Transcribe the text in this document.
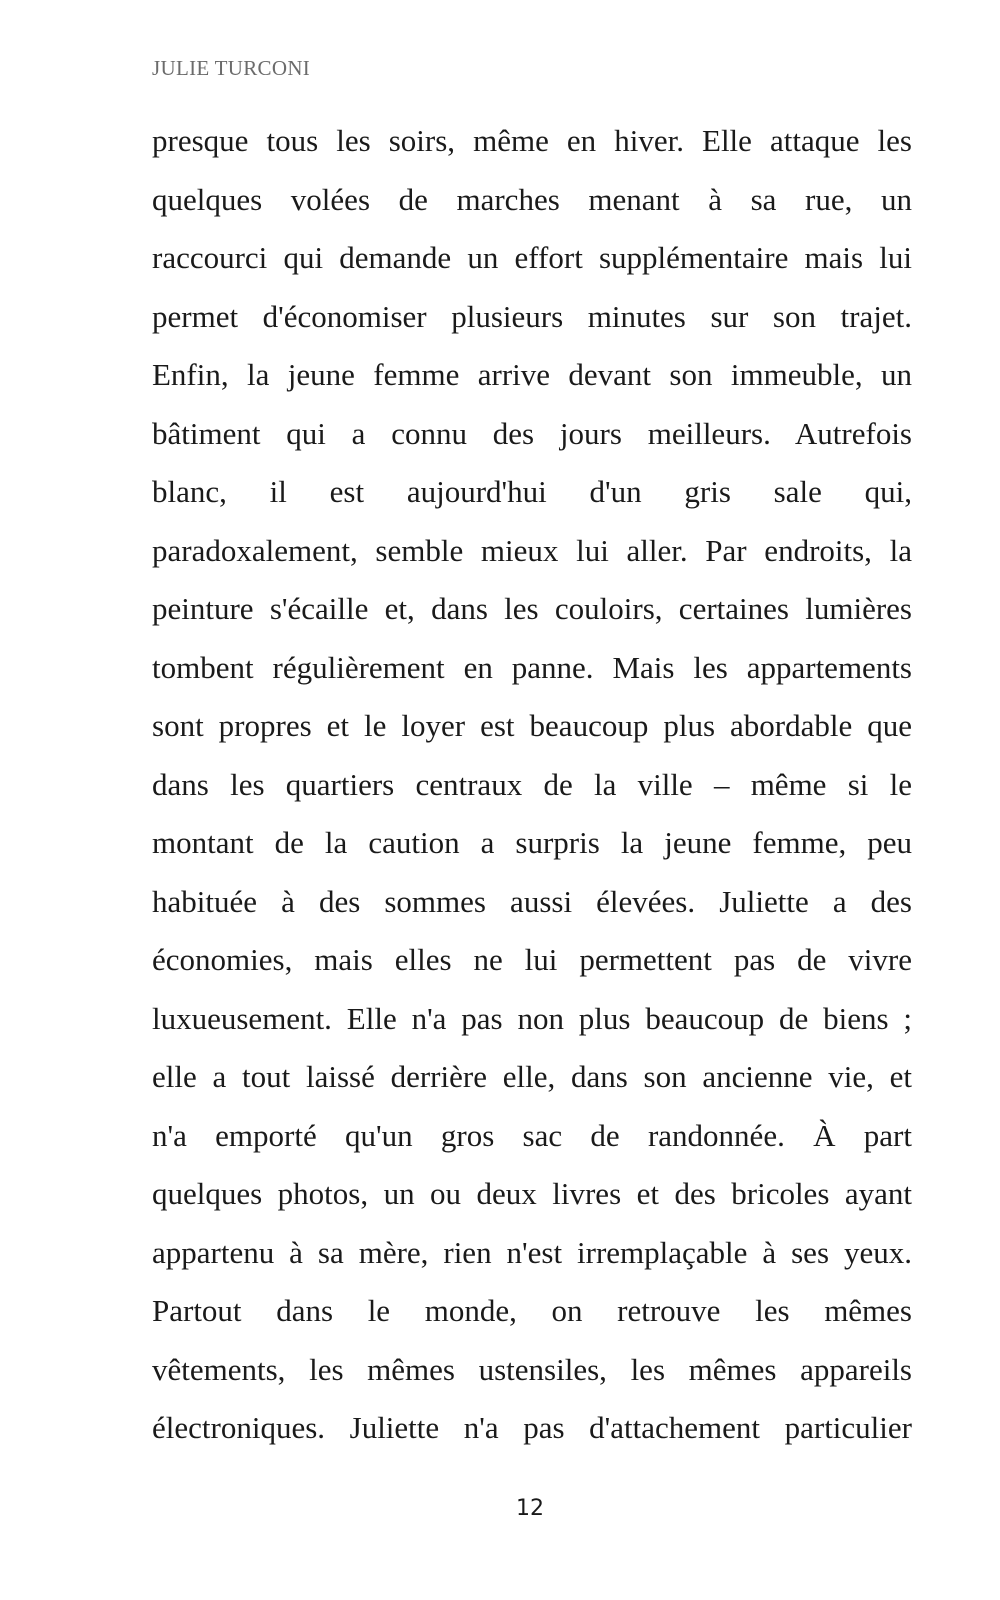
JULIE TURCONI
presque tous les soirs, même en hiver. Elle attaque les
quelques volées de marches menant à sa rue, un
raccourci qui demande un effort supplémentaire mais lui
permet d'économiser plusieurs minutes sur son trajet.
Enfin, la jeune femme arrive devant son immeuble, un
bâtiment qui a connu des jours meilleurs. Autrefois
blanc, il est aujourd'hui d'un gris sale qui,
paradoxalement, semble mieux lui aller. Par endroits, la
peinture s'écaille et, dans les couloirs, certaines lumières
tombent régulièrement en panne. Mais les appartements
sont propres et le loyer est beaucoup plus abordable que
dans les quartiers centraux de la ville – même si le
montant de la caution a surpris la jeune femme, peu
habituée à des sommes aussi élevées. Juliette a des
économies, mais elles ne lui permettent pas de vivre
luxueusement. Elle n'a pas non plus beaucoup de biens ;
elle a tout laissé derrière elle, dans son ancienne vie, et
n'a emporté qu'un gros sac de randonnée. À part
quelques photos, un ou deux livres et des bricoles ayant
appartenu à sa mère, rien n'est irremplaçable à ses yeux.
Partout dans le monde, on retrouve les mêmes
vêtements, les mêmes ustensiles, les mêmes appareils
électroniques. Juliette n'a pas d'attachement particulier
12
